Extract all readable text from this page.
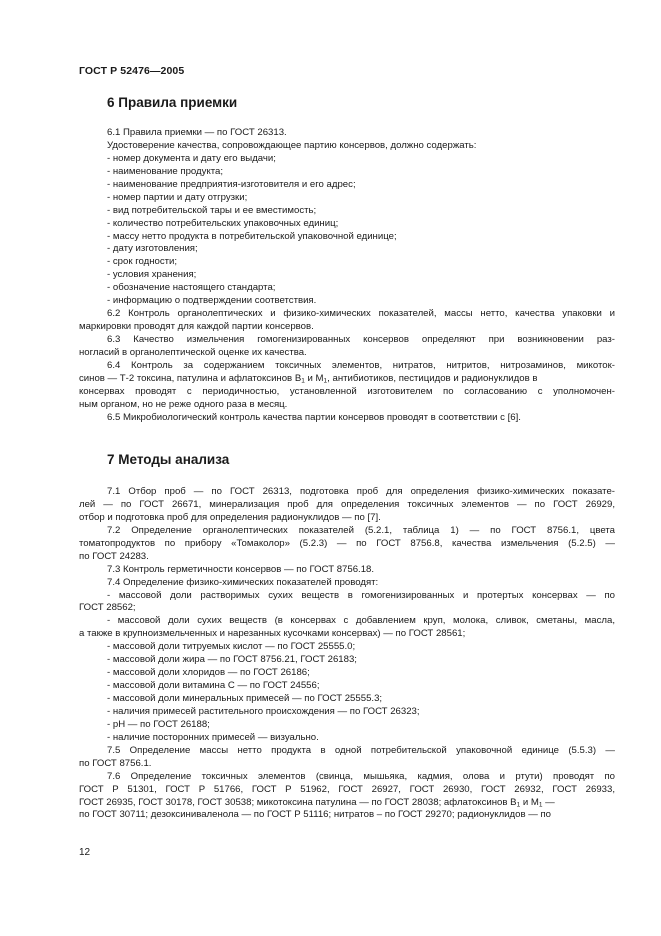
ГОСТ Р 52476—2005
6 Правила приемки
6.1 Правила приемки — по ГОСТ 26313.
Удостоверение качества, сопровождающее партию консервов, должно содержать:
- номер документа и дату его выдачи;
- наименование продукта;
- наименование предприятия-изготовителя и его адрес;
- номер партии и дату отгрузки;
- вид потребительской тары и ее вместимость;
- количество потребительских упаковочных единиц;
- массу нетто продукта в потребительской упаковочной единице;
- дату изготовления;
- срок годности;
- условия хранения;
- обозначение настоящего стандарта;
- информацию о подтверждении соответствия.
6.2 Контроль органолептических и физико-химических показателей, массы нетто, качества упаковки и
маркировки проводят для каждой партии консервов.
6.3 Качество измельчения гомогенизированных консервов определяют при возникновении раз-
ногласий в органолептической оценке их качества.
6.4 Контроль за содержанием токсичных элементов, нитратов, нитритов, нитрозаминов, микоток-
синов — Т-2 токсина, патулина и афлатоксинов $В_1$ и $М_1$, антибиотиков, пестицидов и радионуклидов в
консервах проводят с периодичностью, установленной изготовителем по согласованию с уполномочен-
ным органом, но не реже одного раза в месяц.
6.5 Микробиологический контроль качества партии консервов проводят в соответствии с [6].
7 Методы анализа
7.1 Отбор проб — по ГОСТ 26313, подготовка проб для определения физико-химических показате-
лей — по ГОСТ 26671, минерализация проб для определения токсичных элементов — по ГОСТ 26929,
отбор и подготовка проб для определения радионуклидов — по [7].
7.2 Определение органолептических показателей (5.2.1, таблица 1) — по ГОСТ 8756.1, цвета
томатопродуктов по прибору «Томаколор» (5.2.3) — по ГОСТ 8756.8, качества измельчения (5.2.5) —
по ГОСТ 24283.
7.3 Контроль герметичности консервов — по ГОСТ 8756.18.
7.4 Определение физико-химических показателей проводят:
- массовой доли растворимых сухих веществ в гомогенизированных и протертых консервах — по
ГОСТ 28562;
- массовой доли сухих веществ (в консервах с добавлением круп, молока, сливок, сметаны, масла,
а также в крупноизмельченных и нарезанных кусочками консервах) — по ГОСТ 28561;
- массовой доли титруемых кислот — по ГОСТ 25555.0;
- массовой доли жира — по ГОСТ 8756.21, ГОСТ 26183;
- массовой доли хлоридов — по ГОСТ 26186;
- массовой доли витамина С — по ГОСТ 24556;
- массовой доли минеральных примесей — по ГОСТ 25555.3;
- наличия примесей растительного происхождения — по ГОСТ 26323;
- рН — по ГОСТ 26188;
- наличие посторонних примесей — визуально.
7.5 Определение массы нетто продукта в одной потребительской упаковочной единице (5.5.3) —
по ГОСТ 8756.1.
7.6 Определение токсичных элементов (свинца, мышьяка, кадмия, олова и ртути) проводят по
ГОСТ Р 51301, ГОСТ Р 51766, ГОСТ Р 51962, ГОСТ 26927, ГОСТ 26930, ГОСТ 26932, ГОСТ 26933,
ГОСТ 26935, ГОСТ 30178, ГОСТ 30538; микотоксина патулина — по ГОСТ 28038; афлатоксинов $В_1$ и $М_1$ —
по ГОСТ 30711; дезоксиниваленола — по ГОСТ Р 51116; нитратов – по ГОСТ 29270; радионуклидов — по
12
